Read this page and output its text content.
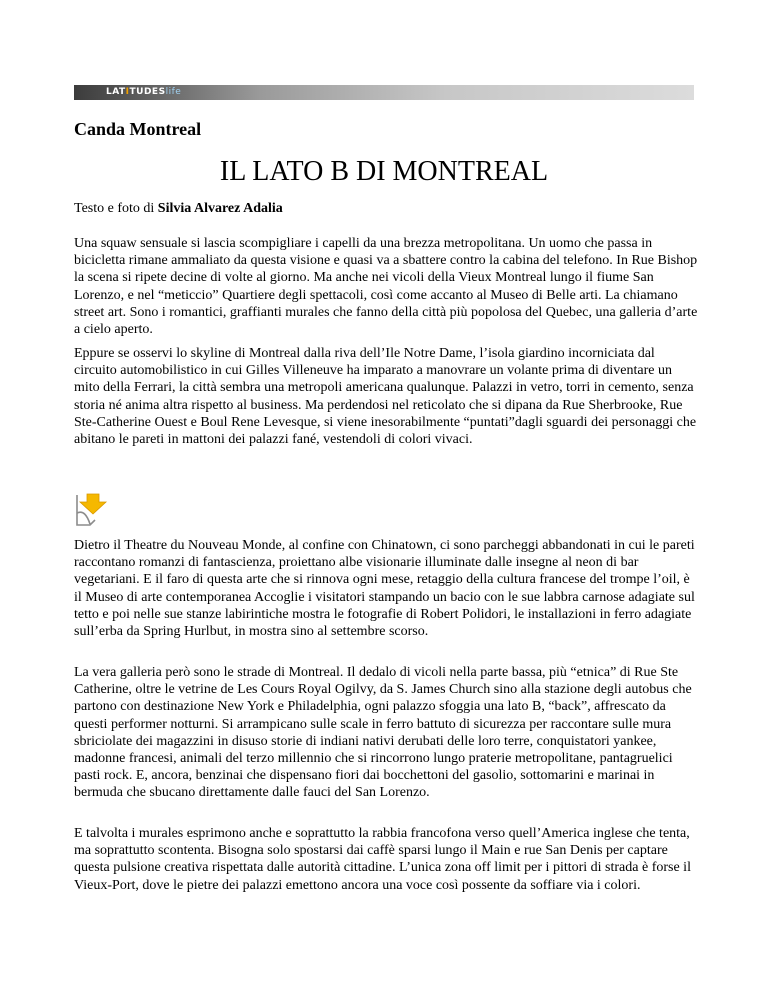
LATITUDESlife
Canda Montreal
IL LATO B DI MONTREAL
Testo e foto di Silvia Alvarez Adalia

Una squaw sensuale si lascia scompigliare i capelli da una brezza metropolitana. Un uomo che passa in bicicletta rimane ammaliato da questa visione e quasi va a sbattere contro la cabina del telefono. In Rue Bishop la scena si ripete decine di volte al giorno. Ma anche nei vicoli della Vieux Montreal lungo il fiume San Lorenzo, e nel “meticcio” Quartiere degli spettacoli, così come accanto al Museo di Belle arti. La chiamano street art. Sono i romantici, graffianti murales che fanno della città più popolosa del Quebec, una galleria d’arte a cielo aperto.

Eppure se osservi lo skyline di Montreal dalla riva dell’Ile Notre Dame, l’isola giardino incorniciata dal circuito automobilistico in cui Gilles Villeneuve ha imparato a manovrare un volante prima di diventare un mito della Ferrari, la città sembra una metropoli americana qualunque. Palazzi in vetro, torri in cemento, senza storia né anima altra rispetto al business. Ma perdendosi nel reticolato che si dipana da Rue Sherbrooke, Rue Ste-Catherine Ouest e Boul Rene Levesque, si viene inesorabilmente “puntati”dagli sguardi dei personaggi che abitano le pareti in mattoni dei palazzi fané, vestendoli di colori vivaci.

Dietro il Theatre du Nouveau Monde, al confine con Chinatown, ci sono parcheggi abbandonati in cui le pareti raccontano romanzi di fantascienza, proiettano albe visionarie illuminate dalle insegne al neon di bar vegetariani. E il faro di questa arte che si rinnova ogni mese, retaggio della cultura francese del trompe l’oil, è il Museo di arte contemporanea Accoglie i visitatori stampando un bacio con le sue labbra carnose adagiate sul tetto e poi nelle sue stanze labirintiche mostra le fotografie di Robert Polidori, le installazioni in ferro adagiate sull’erba da Spring Hurlbut, in mostra sino al settembre scorso.

La vera galleria però sono le strade di Montreal. Il dedalo di vicoli nella parte bassa, più “etnica” di Rue Ste Catherine, oltre le vetrine de Les Cours Royal Ogilvy, da S. James Church sino alla stazione degli autobus che partono con destinazione New York e Philadelphia, ogni palazzo sfoggia una lato B, “back”, affrescato da questi performer notturni. Si arrampicano sulle scale in ferro battuto di sicurezza per raccontare sulle mura sbriciolate dei magazzini in disuso storie di indiani nativi derubati delle loro terre, conquistatori yankee, madonne francesi, animali del terzo millennio che si rincorrono lungo praterie metropolitane, pantagruelici pasti rock. E, ancora, benzinai che dispensano fiori dai bocchettoni del gasolio, sottomarini e marinai in bermuda che sbucano direttamente dalle fauci del San Lorenzo.

E talvolta i murales esprimono anche e soprattutto la rabbia francofona verso quell’America inglese che tenta, ma soprattutto scontenta. Bisogna solo spostarsi dai caffè sparsi lungo il Main e rue San Denis per captare questa pulsione creativa rispettata dalle autorità cittadine. L’unica zona off limit per i pittori di strada è forse il Vieux-Port, dove le pietre dei palazzi emettono ancora una voce così possente da soffiare via i colori.
